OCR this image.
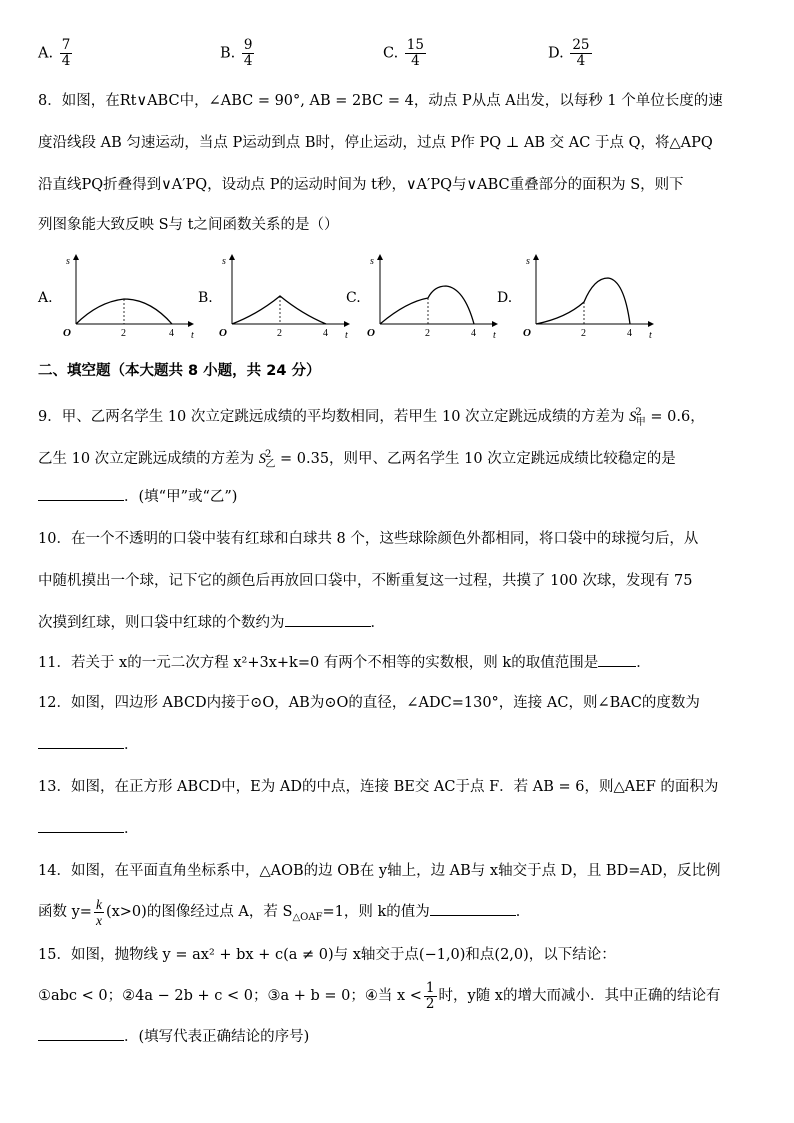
A. $\frac{7}{4}$	B. $\frac{9}{4}$	C. $\frac{15}{4}$	D. $\frac{25}{4}$
8．如图，在Rt∨ABC中，∠ABC = 90°, AB = 2BC = 4，动点 P从点 A出发，以每秒 1 个单位长度的速
度沿线段 AB 匀速运动，当点 P运动到点 B时，停止运动，过点 P作 PQ ⊥ AB 交 AC 于点 Q，将△APQ
沿直线PQ折叠得到∨A′PQ，设动点 P的运动时间为 t秒，∨A′PQ与∨ABC重叠部分的面积为 S，则下
列图象能大致反映 S与 t之间函数关系的是（）
A.	B.	C.	D.
s
O	2	4 t
s
O	2	4 t
s
O	2	4 t
s
O	2	4 t
二、填空题（本大题共 8 小题，共 24 分）
9．甲、乙两名学生 10 次立定跳远成绩的平均数相同，若甲生 10 次立定跳远成绩的方差为 $S^2_甲 = 0.6$，
乙生 10 次立定跳远成绩的方差为 $S^2_乙 = 0.35$，则甲、乙两名学生 10 次立定跳远成绩比较稳定的是
．(填“甲”或“乙”)
10．在一个不透明的口袋中装有红球和白球共 8 个，这些球除颜色外都相同，将口袋中的球搅匀后，从
中随机摸出一个球，记下它的颜色后再放回口袋中，不断重复这一过程，共摸了 100 次球，发现有 75
次摸到红球，则口袋中红球的个数约为	．
11．若关于 x的一元二次方程 x²+3x+k=0 有两个不相等的实数根，则 k的取值范围是	．
12．如图，四边形 ABCD内接于⊙O，AB为⊙O的直径，∠ADC=130°，连接 AC，则∠BAC的度数为
．
13．如图，在正方形 ABCD中，E为 AD的中点，连接 BE交 AC于点 F．若 AB = 6，则△AEF 的面积为
．
14．如图，在平面直角坐标系中，△AOB的边 OB在 y轴上，边 AB与 x轴交于点 D，且 BD=AD，反比例
函数 $y= \frac{k}{x} (x>0)$的图像经过点 A，若 $S_{\triangle OAF}=1$，则 k的值为	．
15．如图，抛物线 y = ax² + bx + c(a ≠ 0)与 x轴交于点(−1,0)和点(2,0)，以下结论：
①abc < 0；②4a − 2b + c < 0；③a + b = 0；④当 $x < \frac{1}{2}$ 时，y随 x的增大而减小．其中正确的结论有
．(填写代表正确结论的序号)
